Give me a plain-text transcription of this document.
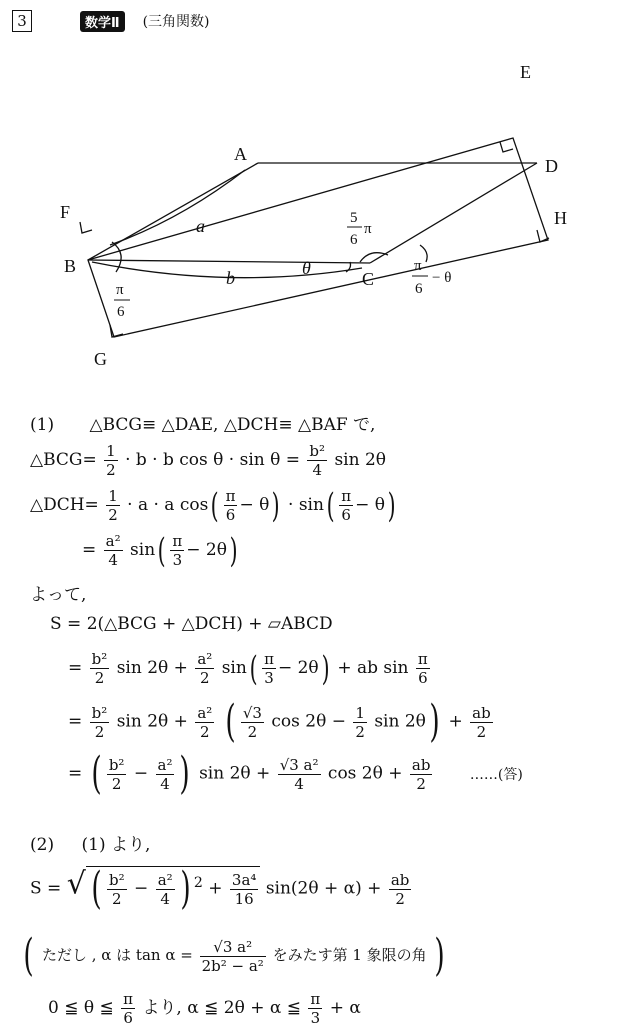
3	数学Ⅱ	(三角関数)
A
B
C
D
E
F
G
H
a
b	θ
π
6
5
6
π
π
6
− θ
(1) △BCG≡ △DAE, △DCH≡ △BAF で,
△BCG= $\frac{1}{2} \cdot b \cdot b$ $\cos \theta \cdot \sin \theta = \frac{\text{b²}}{4}$ sin 2θ
△DCH= $\frac{1}{2} \cdot a \cdot a$ $\cos( \frac{\pi}{6} - \theta) \cdot \sin( \frac{\pi}{6} - \theta)$
= $\frac{\text{a²}}{4} \sin( \frac{\pi}{3} - 2\theta)$
よって,
S = 2(△BCG + △DCH) + ▱ABCD
= $\frac{\text{b²}}{2}$ $\sin 2\theta + \frac{\text{a²}}{2} \sin( \frac{\pi}{3} - 2\theta)$ + ab $\sin \frac{\pi}{6}$
= $\frac{\text{b²}}{2}$ $\sin 2\theta + \frac{\text{a²}}{2}$ ( $\frac{√3}{2}$ $\cos 2\theta - \frac{1}{2}$ $\sin 2\theta) + \frac{ab}{2}$
= ( $\frac{\text{b²}}{2} - \frac{\text{a²}}{4}$ ) $\sin 2\theta + \frac{\text{√3 a²}}{4}$ $\cos 2\theta + \frac{ab}{2}$	……(答)
(2) (1) より,
S = √ ( $\frac{\text{b²}}{2} - \frac{\text{a²}}{4}$ ) $^2 + \frac{\text{3a⁴}}{16} \sin(2\theta + \alpha) + \frac{ab}{2}$
( ただし , α は $\tan \alpha = \frac{\text{√3 a²}}{\text{2b² − a²}}$ をみたす第 1 象限の角 )
0 ≦ θ ≦ $\frac{\pi}{6}$ より, α ≦ 2θ + α ≦ $\frac{\pi}{3} + \alpha$
